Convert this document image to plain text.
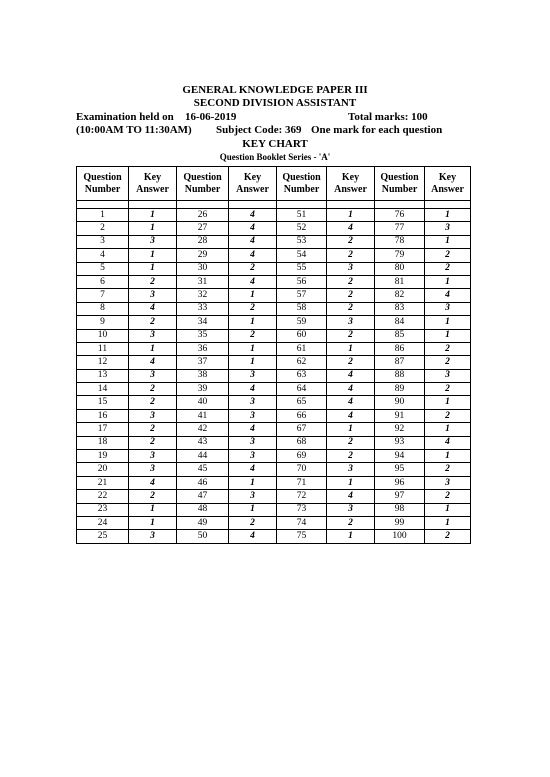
GENERAL KNOWLEDGE PAPER III
SECOND DIVISION ASSISTANT
Examination held on 16-06-2019	Total marks: 100
(10:00AM TO 11:30AM) Subject Code: 369 One mark for each question
KEY CHART
Question Booklet Series - 'A'
Question
Number	Key
Answer	Question
Number	Key
Answer	Question
Number	Key
Answer	Question
Number	Key
Answer

1	1	26	4	51	1	76	1
2	1	27	4	52	4	77	3
3	3	28	4	53	2	78	1
4	1	29	4	54	2	79	2
5	1	30	2	55	3	80	2
6	2	31	4	56	2	81	1
7	3	32	1	57	2	82	4
8	4	33	2	58	2	83	3
9	2	34	1	59	3	84	1
10	3	35	2	60	2	85	1
11	1	36	1	61	1	86	2
12	4	37	1	62	2	87	2
13	3	38	3	63	4	88	3
14	2	39	4	64	4	89	2
15	2	40	3	65	4	90	1
16	3	41	3	66	4	91	2
17	2	42	4	67	1	92	1
18	2	43	3	68	2	93	4
19	3	44	3	69	2	94	1
20	3	45	4	70	3	95	2
21	4	46	1	71	1	96	3
22	2	47	3	72	4	97	2
23	1	48	1	73	3	98	1
24	1	49	2	74	2	99	1
25	3	50	4	75	1	100	2
